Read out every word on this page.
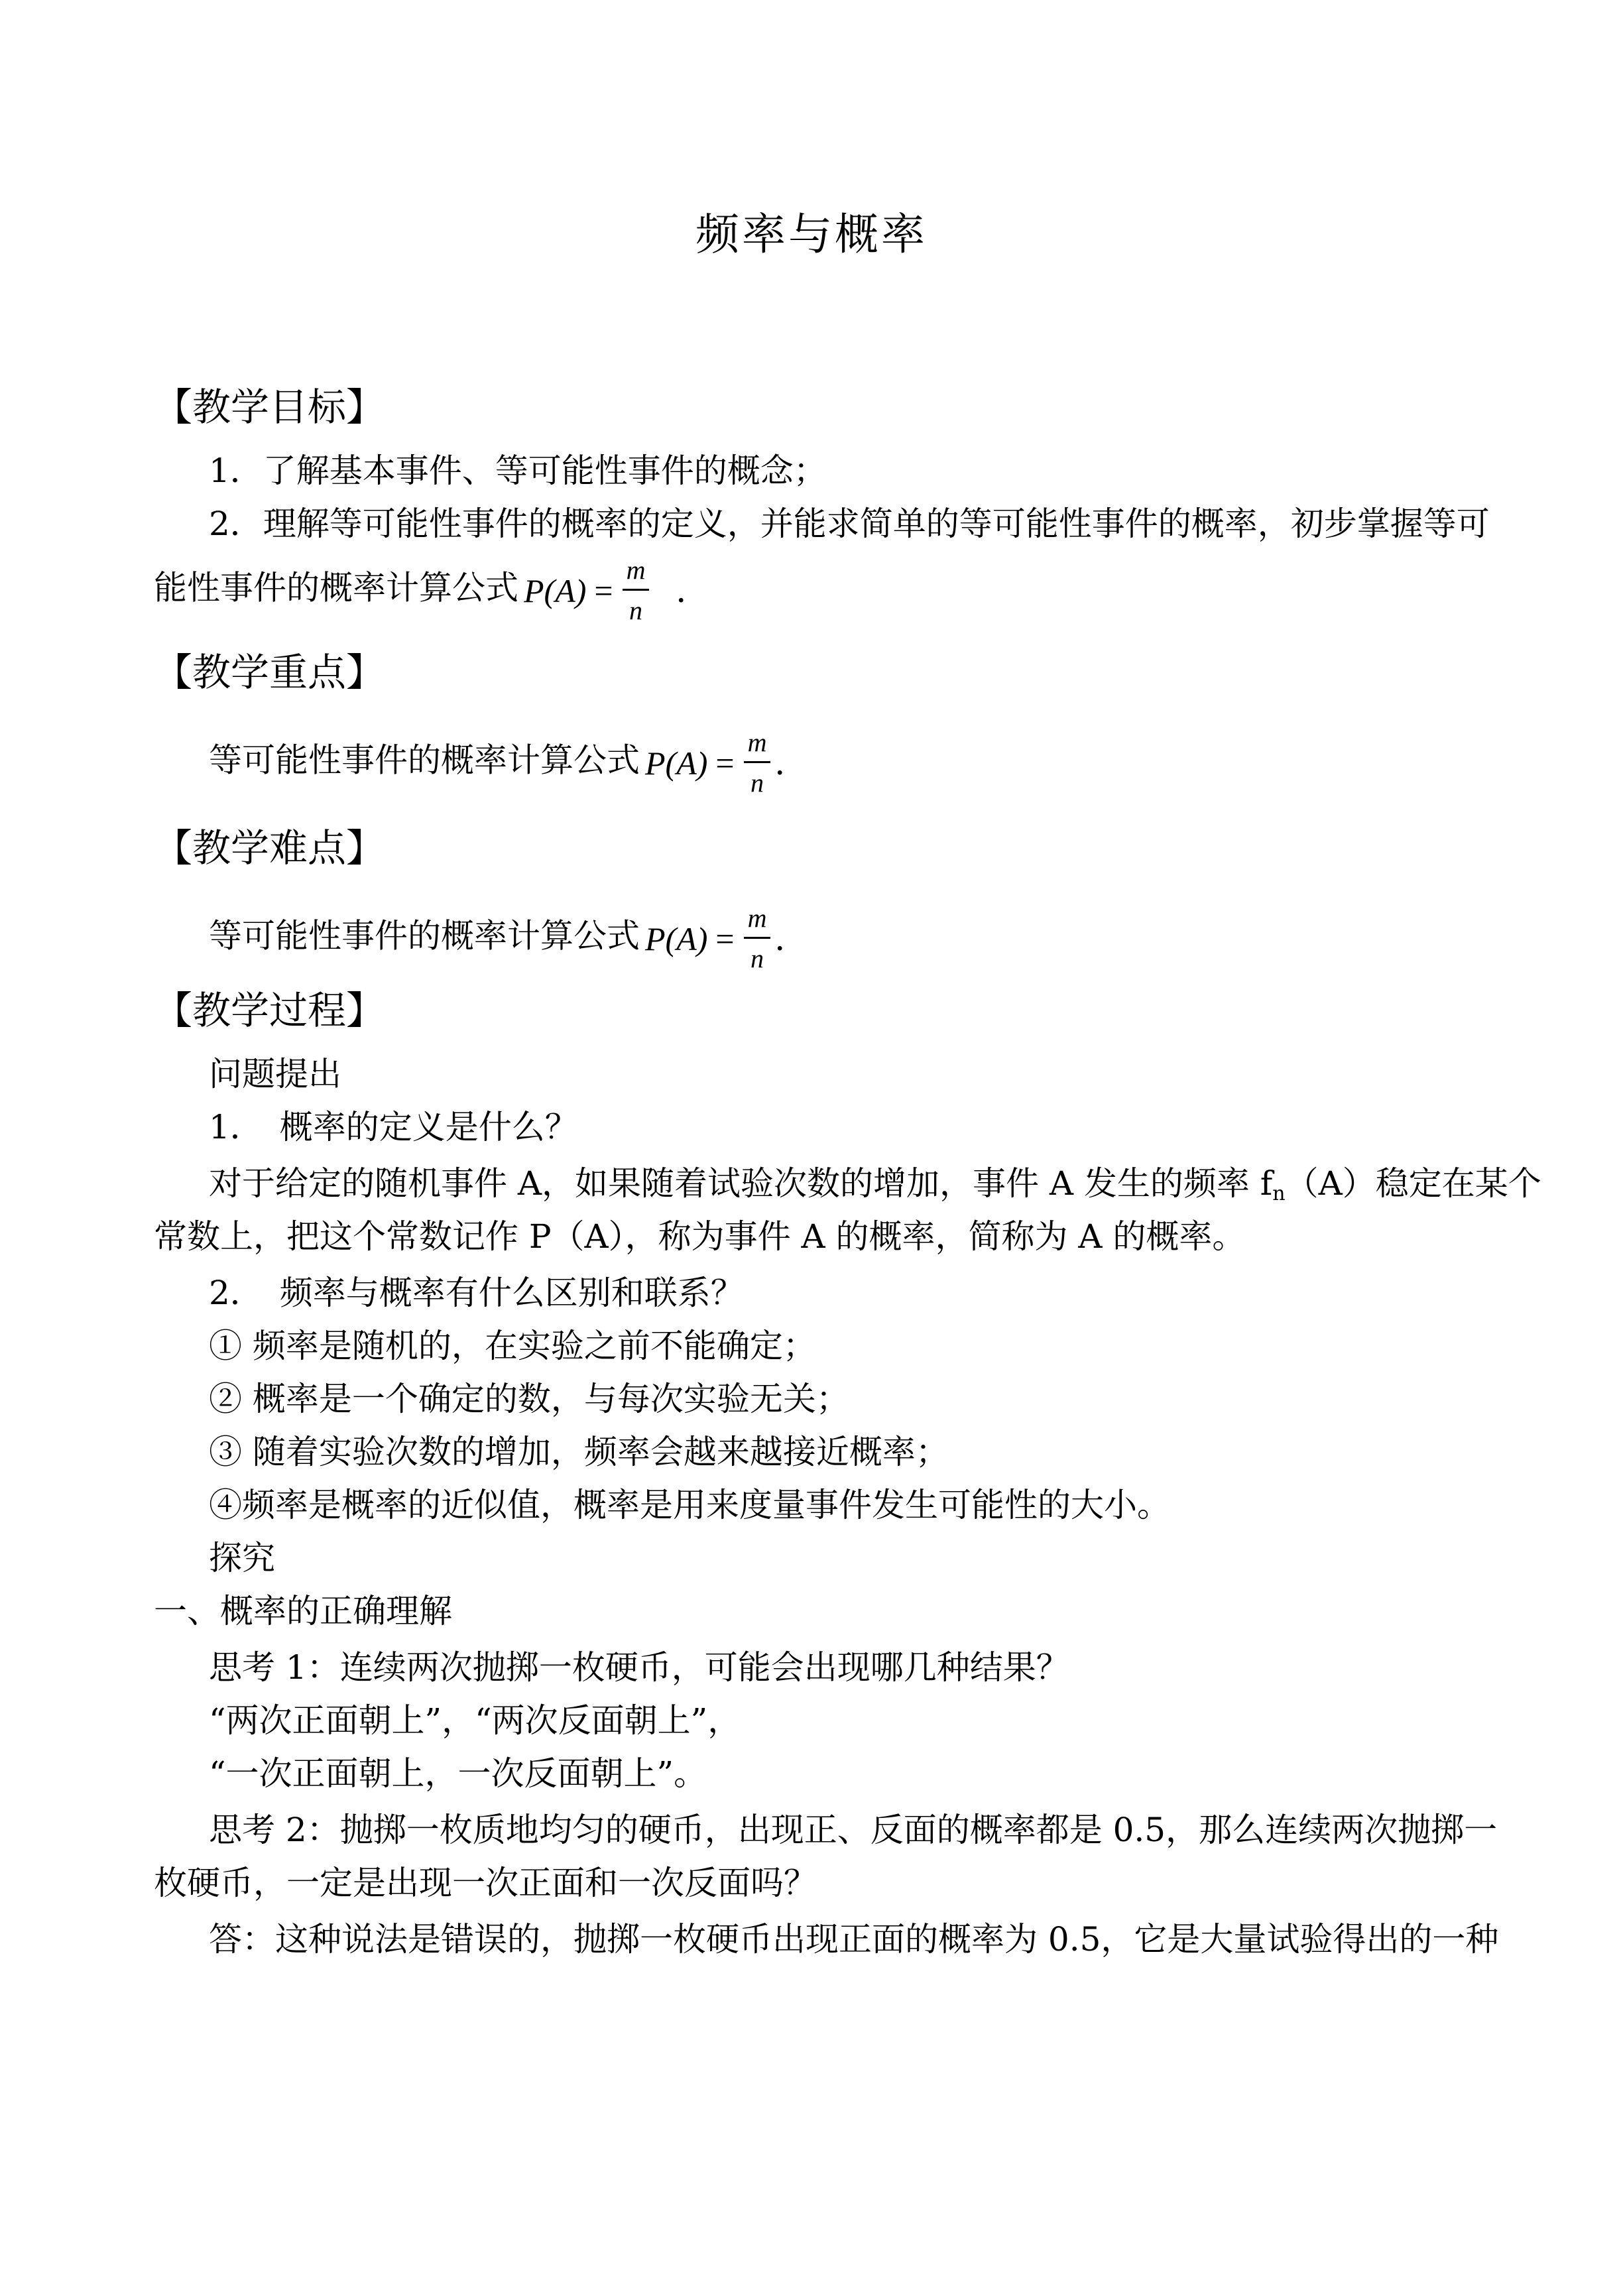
频率与概率
【教学目标】
1．了解基本事件、等可能性事件的概念；
2．理解等可能性事件的概率的定义，并能求简单的等可能性事件的概率，初步掌握等可
能性事件的概率计算公式 $P(A) = \frac{m}{n}$ ．
【教学重点】
等可能性事件的概率计算公式 $P(A) = \frac{m}{n}$ ．
【教学难点】
等可能性事件的概率计算公式 $P(A) = \frac{m}{n}$ ．
【教学过程】
问题提出
1．　概率的定义是什么？
对于给定的随机事件 A，如果随着试验次数的增加，事件 A 发生的频率 $f_n(A)$稳定在某个
常数上，把这个常数记作 P（A），称为事件 A 的概率，简称为 A 的概率。
2．　频率与概率有什么区别和联系？
① 频率是随机的，在实验之前不能确定；
② 概率是一个确定的数，与每次实验无关；
③ 随着实验次数的增加，频率会越来越接近概率；
④频率是概率的近似值，概率是用来度量事件发生可能性的大小。
探究
一、概率的正确理解
思考 1：连续两次抛掷一枚硬币，可能会出现哪几种结果？
“两次正面朝上”，“两次反面朝上”，
“一次正面朝上，一次反面朝上”。
思考 2：抛掷一枚质地均匀的硬币，出现正、反面的概率都是 0.5，那么连续两次抛掷一
枚硬币，一定是出现一次正面和一次反面吗？
答：这种说法是错误的，抛掷一枚硬币出现正面的概率为 0.5，它是大量试验得出的一种
